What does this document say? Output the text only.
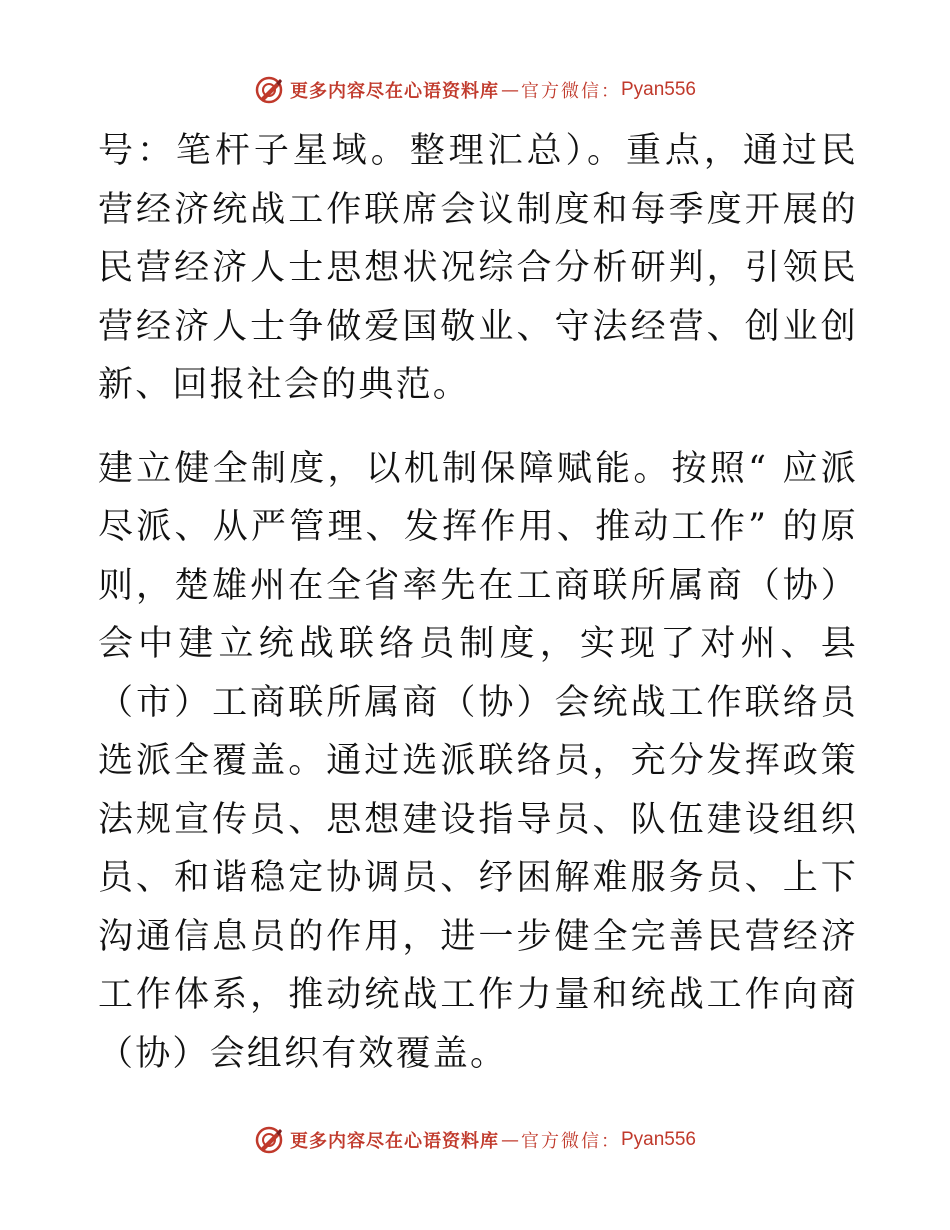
更多内容尽在心语资料库 — 官方微信： Pyan556

号：笔杆子星域。整理汇总）。重点，通过民营经济统战工作联席会议制度和每季度开展的民营经济人士思想状况综合分析研判，引领民营经济人士争做爱国敬业、守法经营、创业创新、回报社会的典范。

建立健全制度，以机制保障赋能。按照“ 应派尽派、从严管理、发挥作用、推动工作” 的原则，楚雄州在全省率先在工商联所属商（协）会中建立统战联络员制度，实现了对州、县（市）工商联所属商（协）会统战工作联络员选派全覆盖。通过选派联络员，充分发挥政策法规宣传员、思想建设指导员、队伍建设组织员、和谐稳定协调员、纾困解难服务员、上下沟通信息员的作用，进一步健全完善民营经济工作体系，推动统战工作力量和统战工作向商（协）会组织有效覆盖。

更多内容尽在心语资料库 — 官方微信： Pyan556
